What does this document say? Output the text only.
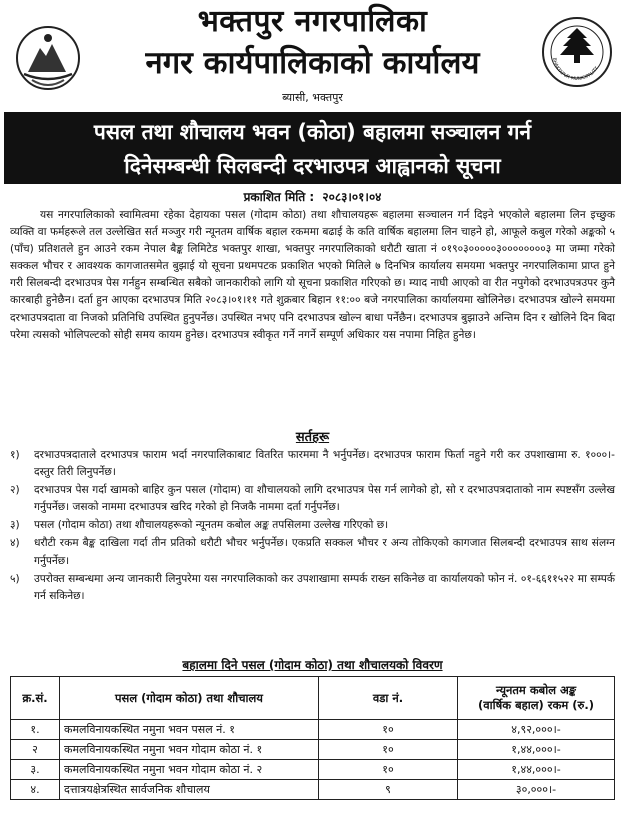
भक्तपुर नगरपालिका
नगर कार्यपालिकाको कार्यालय
ब्यासी, भक्तपुर
BHAKTAPUR MUNICIPALITY
पसल तथा शौचालय भवन (कोठा) बहालमा सञ्चालन गर्न
दिनेसम्बन्धी सिलबन्दी दरभाउपत्र आह्वानको सूचना
प्रकाशित मिति : २०८३।०१।०४
यस नगरपालिकाको स्वामित्वमा रहेका देहायका पसल (गोदाम कोठा) तथा शौचालयहरू बहालमा सञ्चालन गर्न दिइने भएकोले बहालमा लिन इच्छुक व्यक्ति वा फर्महरूले तल उल्लेखित सर्त मञ्जुर गरी न्यूनतम वार्षिक बहाल रकममा बढाई के कति वार्षिक बहालमा लिन चाहने हो, आफूले कबुल गरेको अङ्कको ५ (पाँच) प्रतिशतले हुन आउने रकम नेपाल बैङ्क लिमिटेड भक्तपुर शाखा, भक्तपुर नगरपालिकाको धरौटी खाता नं ०१९०३०००००३००००००००३ मा जम्मा गरेको सक्कल भौचर र आवश्यक कागजातसमेत बुझाई यो सूचना प्रथमपटक प्रकाशित भएको मितिले ७ दिनभित्र कार्यालय समयमा भक्तपुर नगरपालिकामा प्राप्त हुने गरी सिलबन्दी दरभाउपत्र पेस गर्नहुन सम्बन्धित सबैको जानकारीको लागि यो सूचना प्रकाशित गरिएको छ। म्याद नाघी आएको वा रीत नपुगेको दरभाउपत्रउपर कुनै कारबाही हुनेछैन। दर्ता हुन आएका दरभाउपत्र मिति २०८३।०१।११ गते शुक्रबार बिहान ११:०० बजे नगरपालिका कार्यालयमा खोलिनेछ। दरभाउपत्र खोल्ने समयमा दरभाउपत्रदाता वा निजको प्रतिनिधि उपस्थित हुनुपर्नेछ। उपस्थित नभए पनि दरभाउपत्र खोल्न बाधा पर्नेछैन। दरभाउपत्र बुझाउने अन्तिम दिन र खोलिने दिन बिदा परेमा त्यसको भोलिपल्टको सोही समय कायम हुनेछ। दरभाउपत्र स्वीकृत गर्ने नगर्ने सम्पूर्ण अधिकार यस नपामा निहित हुनेछ।
सर्तहरू
१)	दरभाउपत्रदाताले दरभाउपत्र फाराम भर्दा नगरपालिकाबाट वितरित फारममा नै भर्नुपर्नेछ। दरभाउपत्र फाराम फिर्ता नहुने गरी कर उपशाखामा रु. १०००।- दस्तुर तिरी लिनुपर्नेछ।
२)	दरभाउपत्र पेस गर्दा खामको बाहिर कुन पसल (गोदाम) वा शौचालयको लागि दरभाउपत्र पेस गर्न लागेको हो, सो र दरभाउपत्रदाताको नाम स्पष्टसँग उल्लेख गर्नुपर्नेछ। जसको नाममा दरभाउपत्र खरिद गरेको हो निजकै नाममा दर्ता गर्नुपर्नेछ।
३)	पसल (गोदाम कोठा) तथा शौचालयहरूको न्यूनतम कबोल अङ्क तपसिलमा उल्लेख गरिएको छ।
४)	धरौटी रकम बैङ्क दाखिला गर्दा तीन प्रतिको धरौटी भौचर भर्नुपर्नेछ। एकप्रति सक्कल भौचर र अन्य तोकिएको कागजात सिलबन्दी दरभाउपत्र साथ संलग्न गर्नुपर्नेछ।
५)	उपरोक्त सम्बन्धमा अन्य जानकारी लिनुपरेमा यस नगरपालिकाको कर उपशाखामा सम्पर्क राख्न सकिनेछ वा कार्यालयको फोन नं. ०१-६६११५२२ मा सम्पर्क गर्न सकिनेछ।
बहालमा दिने पसल (गोदाम कोठा) तथा शौचालयको विवरण
क्र.सं.	पसल (गोदाम कोठा) तथा शौचालय	वडा नं.	न्यूनतम कबोल अङ्क
(वार्षिक बहाल) रकम (रु.)

१.	कमलविनायकस्थित नमुना भवन पसल नं. १	१०	४,९२,०००।-
२	कमलविनायकस्थित नमुना भवन गोदाम कोठा नं. १	१०	१,४४,०००।-
३.	कमलविनायकस्थित नमुना भवन गोदाम कोठा नं. २	१०	१,४४,०००।-
४.	दत्तात्रयक्षेत्रस्थित सार्वजनिक शौचालय	९	३०,०००।-
